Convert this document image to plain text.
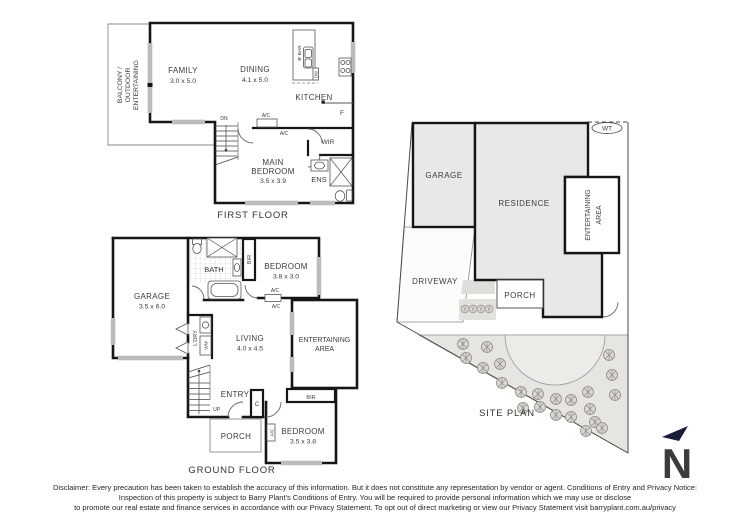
BALCONY / OUTDOOR ENTERTAINING	FAMILY
3.0 x 5.0
DINING
4.1 x 5.0
KITCHEN
B' BAR
DW
F
DN	A/C
A/C
MAIN
BEDROOM
3.5 x 3.9
WIR
ENS
FIRST FLOOR
GARAGE
3.5 x 6.0
BATH
BIR
BEDROOM
3.8 x 3.0
A/C
A/C
L'DRY WM
LIVING
4.0 x 4.5
ENTERTAINING
AREA
UP
ENTRY
C
BIR
PORCH	A/C BEDROOM
3.5 x 3.8
GROUND FLOOR
WT
GARAGE
RESIDENCE	ENTERTAINING AREA
DRIVEWAY
PORCH
SITE PLAN
N
Disclaimer: Every precaution has been taken to establish the accuracy of this information. But it does not constitute any representation by vendor or agent. Conditions of Entry and Privacy Notice:
Inspection of this property is subject to Barry Plant's Conditions of Entry. You will be required to provide personal information which we may use or disclose
to promote our real estate and finance services in accordance with our Privacy Statement. To opt out of direct marketing or view our Privacy Statement visit barryplant.com.au/privacy
